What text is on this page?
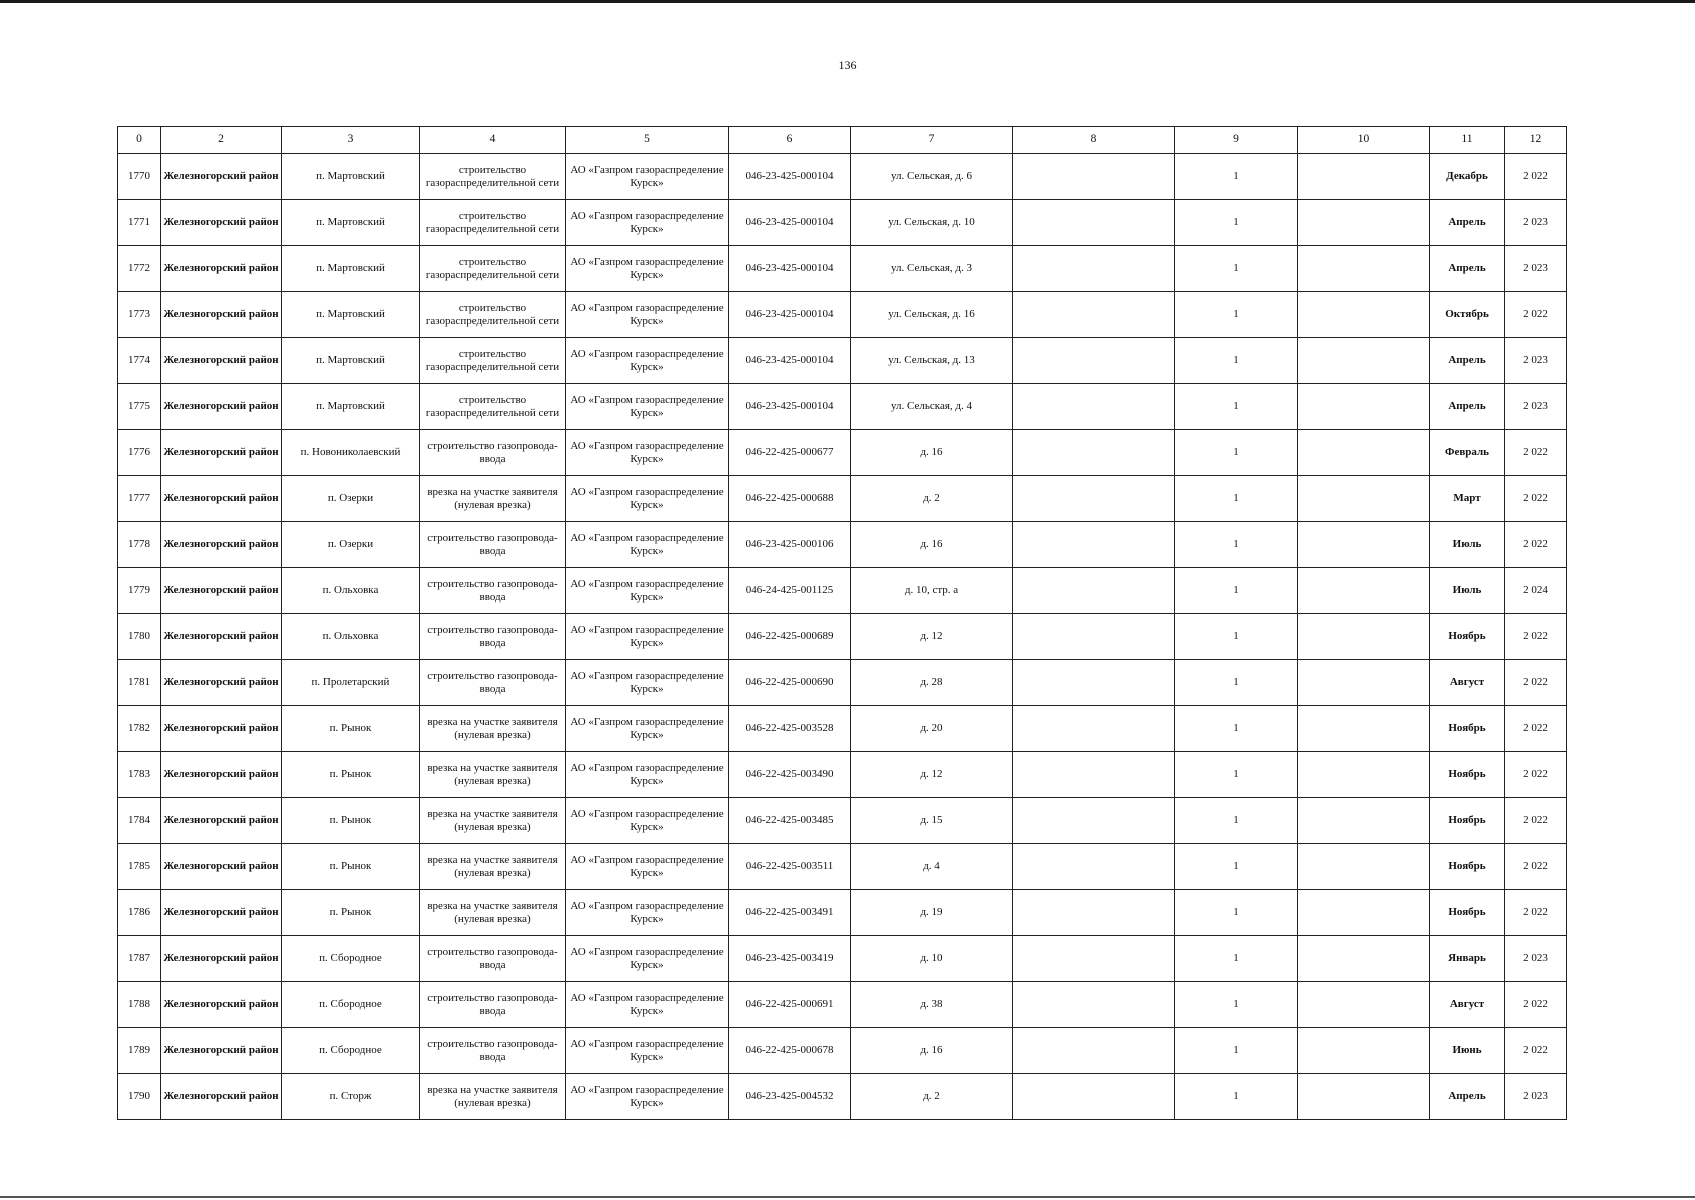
136
0	2	3	4	5	6	7	8	9	10	11	12
1770	Железногорский район	п. Мартовский	строительство газораспределительной сети	АО «Газпром газораспределение Курск»	046-23-425-000104	ул. Сельская, д. 6		1		Декабрь	2 022
1771	Железногорский район	п. Мартовский	строительство газораспределительной сети	АО «Газпром газораспределение Курск»	046-23-425-000104	ул. Сельская, д. 10		1		Апрель	2 023
1772	Железногорский район	п. Мартовский	строительство газораспределительной сети	АО «Газпром газораспределение Курск»	046-23-425-000104	ул. Сельская, д. 3		1		Апрель	2 023
1773	Железногорский район	п. Мартовский	строительство газораспределительной сети	АО «Газпром газораспределение Курск»	046-23-425-000104	ул. Сельская, д. 16		1		Октябрь	2 022
1774	Железногорский район	п. Мартовский	строительство газораспределительной сети	АО «Газпром газораспределение Курск»	046-23-425-000104	ул. Сельская, д. 13		1		Апрель	2 023
1775	Железногорский район	п. Мартовский	строительство газораспределительной сети	АО «Газпром газораспределение Курск»	046-23-425-000104	ул. Сельская, д. 4		1		Апрель	2 023
1776	Железногорский район	п. Новониколаевский	строительство газопровода-ввода	АО «Газпром газораспределение Курск»	046-22-425-000677	д. 16		1		Февраль	2 022
1777	Железногорский район	п. Озерки	врезка на участке заявителя (нулевая врезка)	АО «Газпром газораспределение Курск»	046-22-425-000688	д. 2		1		Март	2 022
1778	Железногорский район	п. Озерки	строительство газопровода-ввода	АО «Газпром газораспределение Курск»	046-23-425-000106	д. 16		1		Июль	2 022
1779	Железногорский район	п. Ольховка	строительство газопровода-ввода	АО «Газпром газораспределение Курск»	046-24-425-001125	д. 10, стр. а		1		Июль	2 024
1780	Железногорский район	п. Ольховка	строительство газопровода-ввода	АО «Газпром газораспределение Курск»	046-22-425-000689	д. 12		1		Ноябрь	2 022
1781	Железногорский район	п. Пролетарский	строительство газопровода-ввода	АО «Газпром газораспределение Курск»	046-22-425-000690	д. 28		1		Август	2 022
1782	Железногорский район	п. Рынок	врезка на участке заявителя (нулевая врезка)	АО «Газпром газораспределение Курск»	046-22-425-003528	д. 20		1		Ноябрь	2 022
1783	Железногорский район	п. Рынок	врезка на участке заявителя (нулевая врезка)	АО «Газпром газораспределение Курск»	046-22-425-003490	д. 12		1		Ноябрь	2 022
1784	Железногорский район	п. Рынок	врезка на участке заявителя (нулевая врезка)	АО «Газпром газораспределение Курск»	046-22-425-003485	д. 15		1		Ноябрь	2 022
1785	Железногорский район	п. Рынок	врезка на участке заявителя (нулевая врезка)	АО «Газпром газораспределение Курск»	046-22-425-003511	д. 4		1		Ноябрь	2 022
1786	Железногорский район	п. Рынок	врезка на участке заявителя (нулевая врезка)	АО «Газпром газораспределение Курск»	046-22-425-003491	д. 19		1		Ноябрь	2 022
1787	Железногорский район	п. Сбородное	строительство газопровода-ввода	АО «Газпром газораспределение Курск»	046-23-425-003419	д. 10		1		Январь	2 023
1788	Железногорский район	п. Сбородное	строительство газопровода-ввода	АО «Газпром газораспределение Курск»	046-22-425-000691	д. 38		1		Август	2 022
1789	Железногорский район	п. Сбородное	строительство газопровода-ввода	АО «Газпром газораспределение Курск»	046-22-425-000678	д. 16		1		Июнь	2 022
1790	Железногорский район	п. Сторж	врезка на участке заявителя (нулевая врезка)	АО «Газпром газораспределение Курск»	046-23-425-004532	д. 2		1		Апрель	2 023
